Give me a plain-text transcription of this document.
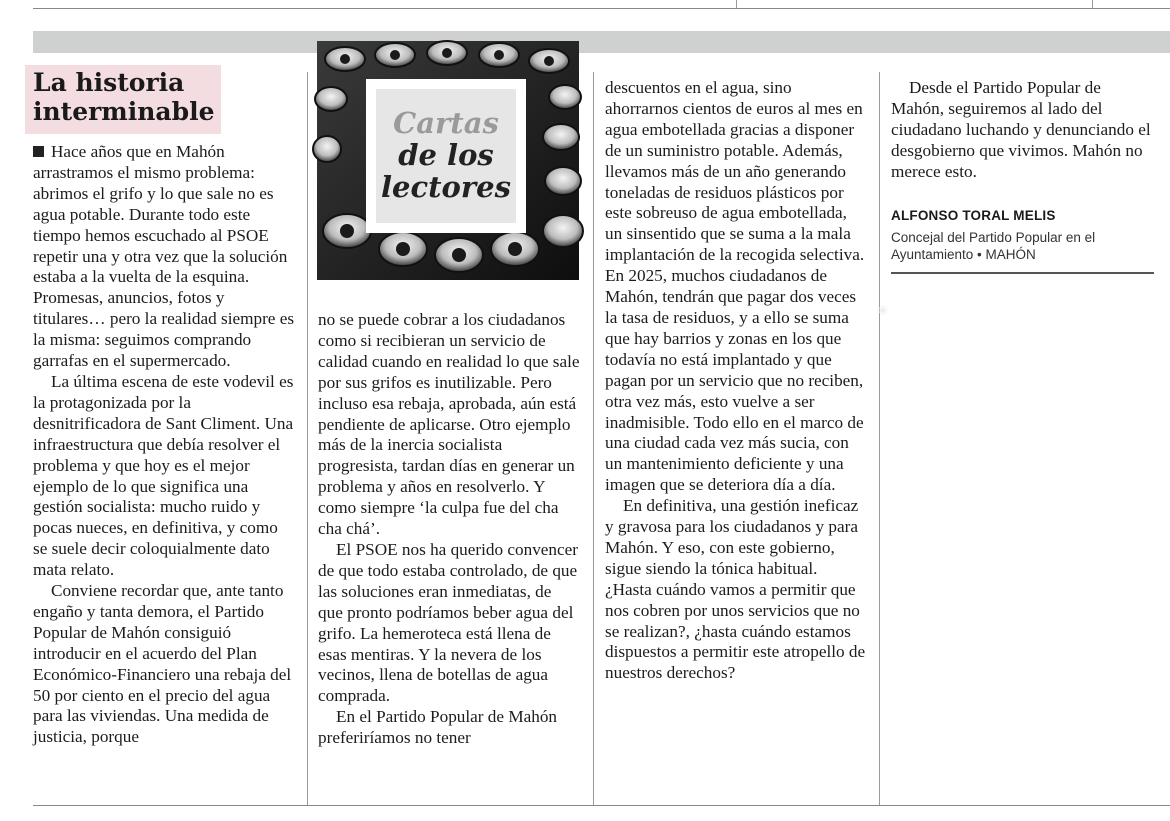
La historia interminable
◉
Cartas
de los
lectores

Hace años que en Mahón arrastramos el mismo problema: abrimos el grifo y lo que sale no es agua potable. Durante todo este tiempo hemos escuchado al PSOE repetir una y otra vez que la solución estaba a la vuelta de la esquina. Promesas, anuncios, fotos y titulares… pero la realidad siempre es la misma: seguimos comprando garrafas en el supermercado.

La última escena de este vodevil es la protagonizada por la desnitrificadora de Sant Climent. Una infraestructura que debía resolver el problema y que hoy es el mejor ejemplo de lo que significa una gestión socialista: mucho ruido y pocas nueces, en definitiva, y como se suele decir coloquialmente dato mata relato.

Conviene recordar que, ante tanto engaño y tanta demora, el Partido Popular de Mahón consiguió introducir en el acuerdo del Plan Económico-Financiero una rebaja del 50 por ciento en el precio del agua para las viviendas. Una medida de justicia, porque

no se puede cobrar a los ciudadanos como si recibieran un servicio de calidad cuando en realidad lo que sale por sus grifos es inutilizable. Pero incluso esa rebaja, aprobada, aún está pendiente de aplicarse. Otro ejemplo más de la inercia socialista progresista, tardan días en generar un problema y años en resolverlo. Y como siempre ‘la culpa fue del cha cha chá’.

El PSOE nos ha querido convencer de que todo estaba controlado, de que las soluciones eran inmediatas, de que pronto podríamos beber agua del grifo. La hemeroteca está llena de esas mentiras. Y la nevera de los vecinos, llena de botellas de agua comprada.

En el Partido Popular de Mahón preferiríamos no tener

descuentos en el agua, sino ahorrarnos cientos de euros al mes en agua embotellada gracias a disponer de un suministro potable. Además, llevamos más de un año generando toneladas de residuos plásticos por este sobreuso de agua embotellada, un sinsentido que se suma a la mala implantación de la recogida selectiva. En 2025, muchos ciudadanos de Mahón, tendrán que pagar dos veces la tasa de residuos, y a ello se suma que hay barrios y zonas en los que todavía no está implantado y que pagan por un servicio que no reciben, otra vez más, esto vuelve a ser inadmisible. Todo ello en el marco de una ciudad cada vez más sucia, con un mantenimiento deficiente y una imagen que se deteriora día a día.

En definitiva, una gestión ineficaz y gravosa para los ciudadanos y para Mahón. Y eso, con este gobierno, sigue siendo la tónica habitual. ¿Hasta cuándo vamos a permitir que nos cobren por unos servicios que no se realizan?, ¿hasta cuándo estamos dispuestos a permitir este atropello de nuestros derechos?

Desde el Partido Popular de Mahón, seguiremos al lado del ciudadano luchando y denunciando el desgobierno que vivimos. Mahón no merece esto.

ALFONSO TORAL MELIS
Concejal del Partido Popular en el Ayuntamiento • MAHÓN
